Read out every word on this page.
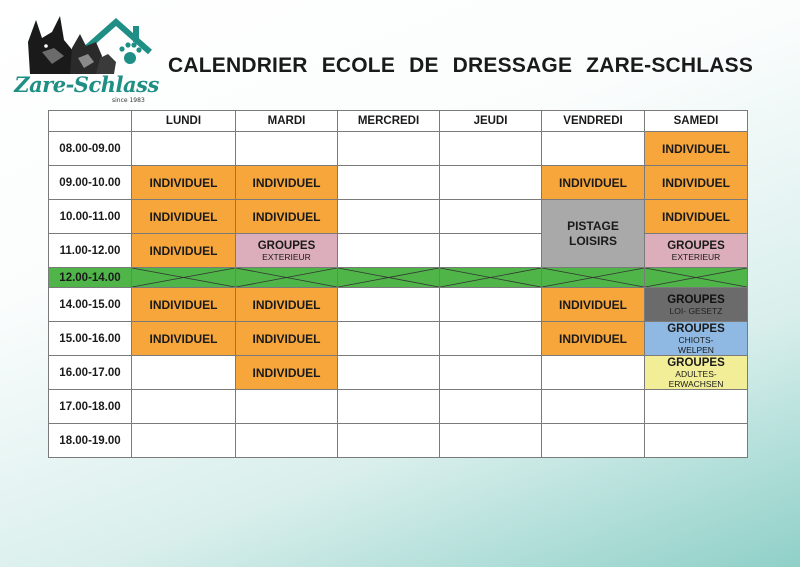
Zare-Schlass
since 1983
CALENDRIER ECOLE DE DRESSAGE ZARE-SCHLASS
	LUNDI	MARDI	MERCREDI	JEUDI	VENDREDI	SAMEDI
08.00-09.00						INDIVIDUEL
09.00-10.00	INDIVIDUEL	INDIVIDUEL			INDIVIDUEL	INDIVIDUEL
10.00-11.00	INDIVIDUEL	INDIVIDUEL			PISTAGE
LOISIRS	INDIVIDUEL
11.00-12.00	INDIVIDUEL	GROUPES
EXTERIEUR				GROUPES
EXTERIEUR

12.00-14.00	

14.00-15.00	INDIVIDUEL	INDIVIDUEL			INDIVIDUEL	GROUPES
LOI- GESETZ

15.00-16.00	INDIVIDUEL	INDIVIDUEL			INDIVIDUEL	GROUPES
CHIOTS-
WELPEN

16.00-17.00		INDIVIDUEL				GROUPES
ADULTES-
ERWACHSEN

17.00-18.00						
18.00-19.00						
